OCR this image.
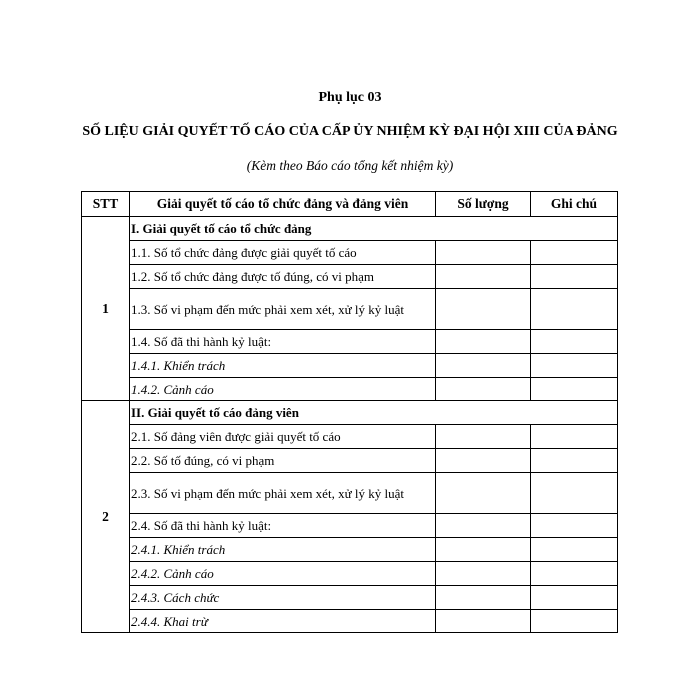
Phụ lục 03
SỐ LIỆU GIẢI QUYẾT TỐ CÁO CỦA CẤP ỦY NHIỆM KỲ ĐẠI HỘI XIII CỦA ĐẢNG
(Kèm theo Báo cáo tổng kết nhiệm kỳ)
STT	Giải quyết tố cáo tổ chức đảng và đảng viên	Số lượng	Ghi chú
1	I. Giải quyết tố cáo tổ chức đảng		
	1.1. Số tổ chức đảng được giải quyết tố cáo		
	1.2. Số tổ chức đảng được tố đúng, có vi phạm		
	1.3. Số vi phạm đến mức phải xem xét, xử lý kỷ luật		
	1.4. Số đã thi hành kỷ luật:		
	1.4.1. Khiển trách		
	1.4.2. Cảnh cáo		
2	II. Giải quyết tố cáo đảng viên		
	2.1. Số đảng viên được giải quyết tố cáo		
	2.2. Số tố đúng, có vi phạm		
	2.3. Số vi phạm đến mức phải xem xét, xử lý kỷ luật		
	2.4. Số đã thi hành kỷ luật:		
	2.4.1. Khiển trách		
	2.4.2. Cảnh cáo		
	2.4.3. Cách chức		
	2.4.4. Khai trừ		
